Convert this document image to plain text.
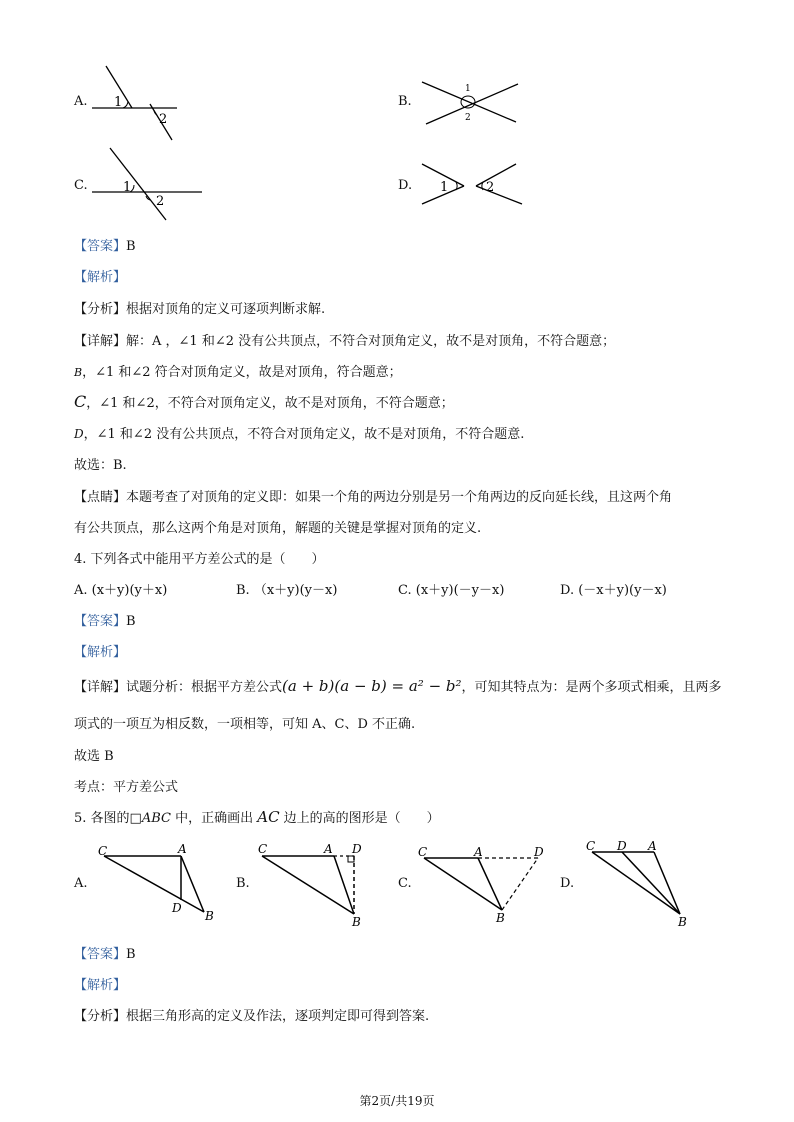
A. 1
2
B.
1
2
C.	1
2
D. 1	2
【答案】B
【解析】
【分析】根据对顶角的定义可逐项判断求解.
【详解】解：A ，∠1 和∠2 没有公共顶点，不符合对顶角定义，故不是对顶角，不符合题意；
B，∠1 和∠2 符合对顶角定义，故是对顶角，符合题意；
C，∠1 和∠2，不符合对顶角定义，故不是对顶角，不符合题意；
D，∠1 和∠2 没有公共顶点，不符合对顶角定义，故不是对顶角，不符合题意.
故选：B.
【点睛】本题考查了对顶角的定义即：如果一个角的两边分别是另一个角两边的反向延长线，且这两个角
有公共顶点，那么这两个角是对顶角，解题的关键是掌握对顶角的定义.
4. 下列各式中能用平方差公式的是（　　）
A. (x＋y)(y＋x)	B. （x＋y)(y－x)	C. (x＋y)(－y－x)	D. (－x＋y)(y－x)
【答案】B
【解析】
【详解】试题分析：根据平方差公式(a + b)(a − b) = a² − b²，可知其特点为：是两个多项式相乘，且两多
项式的一项互为相反数，一项相等，可知 A、C、D 不正确.
故选 B
考点：平方差公式
5. 各图的□ABC 中，正确画出 AC 边上的高的图形是（　　）
A.
C	A
D
B
B.
C	A D
B
C.
C	A	D
B
D.
C D A
B
【答案】B
【解析】
【分析】根据三角形高的定义及作法，逐项判定即可得到答案.
第2页/共19页
